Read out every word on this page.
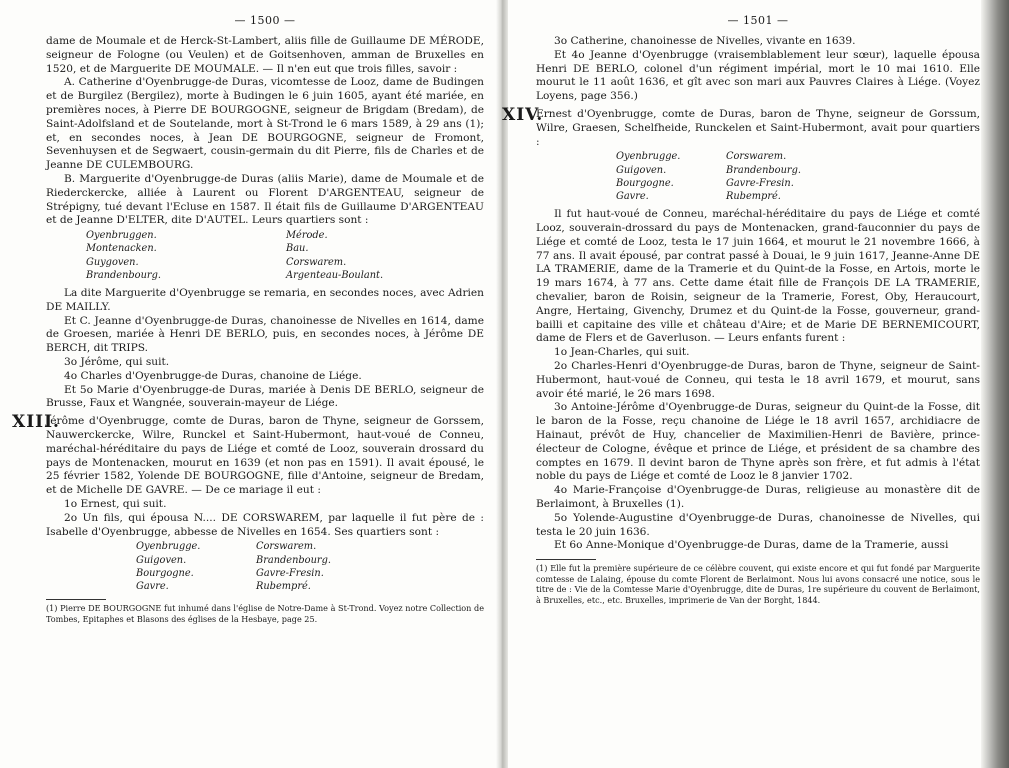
— 1500 —

dame de Moumale et de Herck-St-Lambert, aliis fille de Guillaume DE MÉRODE, seigneur de Fologne (ou Veulen) et de Goitsenhoven, amman de Bruxelles en 1520, et de Marguerite DE MOUMALE. — Il n'en eut que trois filles, savoir :

A. Catherine d'Oyenbrugge-de Duras, vicomtesse de Looz, dame de Budingen et de Burgilez (Bergilez), morte à Budingen le 6 juin 1605, ayant été mariée, en premières noces, à Pierre DE BOURGOGNE, seigneur de Brigdam (Bredam), de Saint-Adolfsland et de Soutelande, mort à St-Trond le 6 mars 1589, à 29 ans (1); et, en secondes noces, à Jean DE BOURGOGNE, seigneur de Fromont, Sevenhuysen et de Segwaert, cousin-germain du dit Pierre, fils de Charles et de Jeanne DE CULEMBOURG.

B. Marguerite d'Oyenbrugge-de Duras (aliis Marie), dame de Moumale et de Riederckercke, alliée à Laurent ou Florent D'ARGENTEAU, seigneur de Strépigny, tué devant l'Ecluse en 1587. Il était fils de Guillaume D'ARGENTEAU et de Jeanne D'ELTER, dite D'AUTEL. Leurs quartiers sont :

Oyenbruggen.
Montenacken.
Guygoven.
Brandenbourg.
Mérode.
Bau.
Corswarem.
Argenteau-Boulant.

La dite Marguerite d'Oyenbrugge se remaria, en secondes noces, avec Adrien DE MAILLY.

Et C. Jeanne d'Oyenbrugge-de Duras, chanoinesse de Nivelles en 1614, dame de Groesen, mariée à Henri DE BERLO, puis, en secondes noces, à Jérôme DE BERCH, dit TRIPS.

3o Jérôme, qui suit.

4o Charles d'Oyenbrugge-de Duras, chanoine de Liége.

Et 5o Marie d'Oyenbrugge-de Duras, mariée à Denis DE BERLO, seigneur de Brusse, Faux et Wangnée, souverain-mayeur de Liége.

XIII.

Jérôme d'Oyenbrugge, comte de Duras, baron de Thyne, seigneur de Gorssem, Nauwerckercke, Wilre, Runckel et Saint-Hubermont, haut-voué de Conneu, maréchal-héréditaire du pays de Liége et comté de Looz, souverain drossard du pays de Montenacken, mourut en 1639 (et non pas en 1591). Il avait épousé, le 25 février 1582, Yolende DE BOURGOGNE, fille d'Antoine, seigneur de Bredam, et de Michelle DE GAVRE. — De ce mariage il eut :

1o Ernest, qui suit.

2o Un fils, qui épousa N.... DE CORSWAREM, par laquelle il fut père de : Isabelle d'Oyenbrugge, abbesse de Nivelles en 1654. Ses quartiers sont :

Oyenbrugge.
Guigoven.
Bourgogne.
Gavre.
Corswarem.
Brandenbourg.
Gavre-Fresin.
Rubempré.

(1) Pierre DE BOURGOGNE fut inhumé dans l'église de Notre-Dame à St-Trond. Voyez notre Collection de Tombes, Epitaphes et Blasons des églises de la Hesbaye, page 25.

— 1501 —

3o Catherine, chanoinesse de Nivelles, vivante en 1639.

Et 4o Jeanne d'Oyenbrugge (vraisemblablement leur sœur), laquelle épousa Henri DE BERLO, colonel d'un régiment impérial, mort le 10 mai 1610. Elle mourut le 11 août 1636, et gît avec son mari aux Pauvres Claires à Liége. (Voyez Loyens, page 356.)

XIV.

Ernest d'Oyenbrugge, comte de Duras, baron de Thyne, seigneur de Gorssum, Wilre, Graesen, Schelfheide, Runckelen et Saint-Hubermont, avait pour quartiers :

Oyenbrugge.
Guigoven.
Bourgogne.
Gavre.
Corswarem.
Brandenbourg.
Gavre-Fresin.
Rubempré.

Il fut haut-voué de Conneu, maréchal-héréditaire du pays de Liége et comté Looz, souverain-drossard du pays de Montenacken, grand-fauconnier du pays de Liége et comté de Looz, testa le 17 juin 1664, et mourut le 21 novembre 1666, à 77 ans. Il avait épousé, par contrat passé à Douai, le 9 juin 1617, Jeanne-Anne DE LA TRAMERIE, dame de la Tramerie et du Quint-de la Fosse, en Artois, morte le 19 mars 1674, à 77 ans. Cette dame était fille de François DE LA TRAMERIE, chevalier, baron de Roisin, seigneur de la Tramerie, Forest, Oby, Heraucourt, Angre, Hertaing, Givenchy, Drumez et du Quint-de la Fosse, gouverneur, grand-bailli et capitaine des ville et château d'Aire; et de Marie DE BERNEMICOURT, dame de Flers et de Gaverluson. — Leurs enfants furent :

1o Jean-Charles, qui suit.

2o Charles-Henri d'Oyenbrugge-de Duras, baron de Thyne, seigneur de Saint-Hubermont, haut-voué de Conneu, qui testa le 18 avril 1679, et mourut, sans avoir été marié, le 26 mars 1698.

3o Antoine-Jérôme d'Oyenbrugge-de Duras, seigneur du Quint-de la Fosse, dit le baron de la Fosse, reçu chanoine de Liége le 18 avril 1657, archidiacre de Hainaut, prévôt de Huy, chancelier de Maximilien-Henri de Bavière, prince-électeur de Cologne, évêque et prince de Liége, et président de sa chambre des comptes en 1679. Il devint baron de Thyne après son frère, et fut admis à l'état noble du pays de Liége et comté de Looz le 8 janvier 1702.

4o Marie-Françoise d'Oyenbrugge-de Duras, religieuse au monastère dit de Berlaimont, à Bruxelles (1).

5o Yolende-Augustine d'Oyenbrugge-de Duras, chanoinesse de Nivelles, qui testa le 20 juin 1636.

Et 6o Anne-Monique d'Oyenbrugge-de Duras, dame de la Tramerie, aussi

(1) Elle fut la première supérieure de ce célèbre couvent, qui existe encore et qui fut fondé par Marguerite comtesse de Lalaing, épouse du comte Florent de Berlaimont. Nous lui avons consacré une notice, sous le titre de : Vie de la Comtesse Marie d'Oyenbrugge, dite de Duras, 1re supérieure du couvent de Berlaimont, à Bruxelles, etc., etc. Bruxelles, imprimerie de Van der Borght, 1844.
